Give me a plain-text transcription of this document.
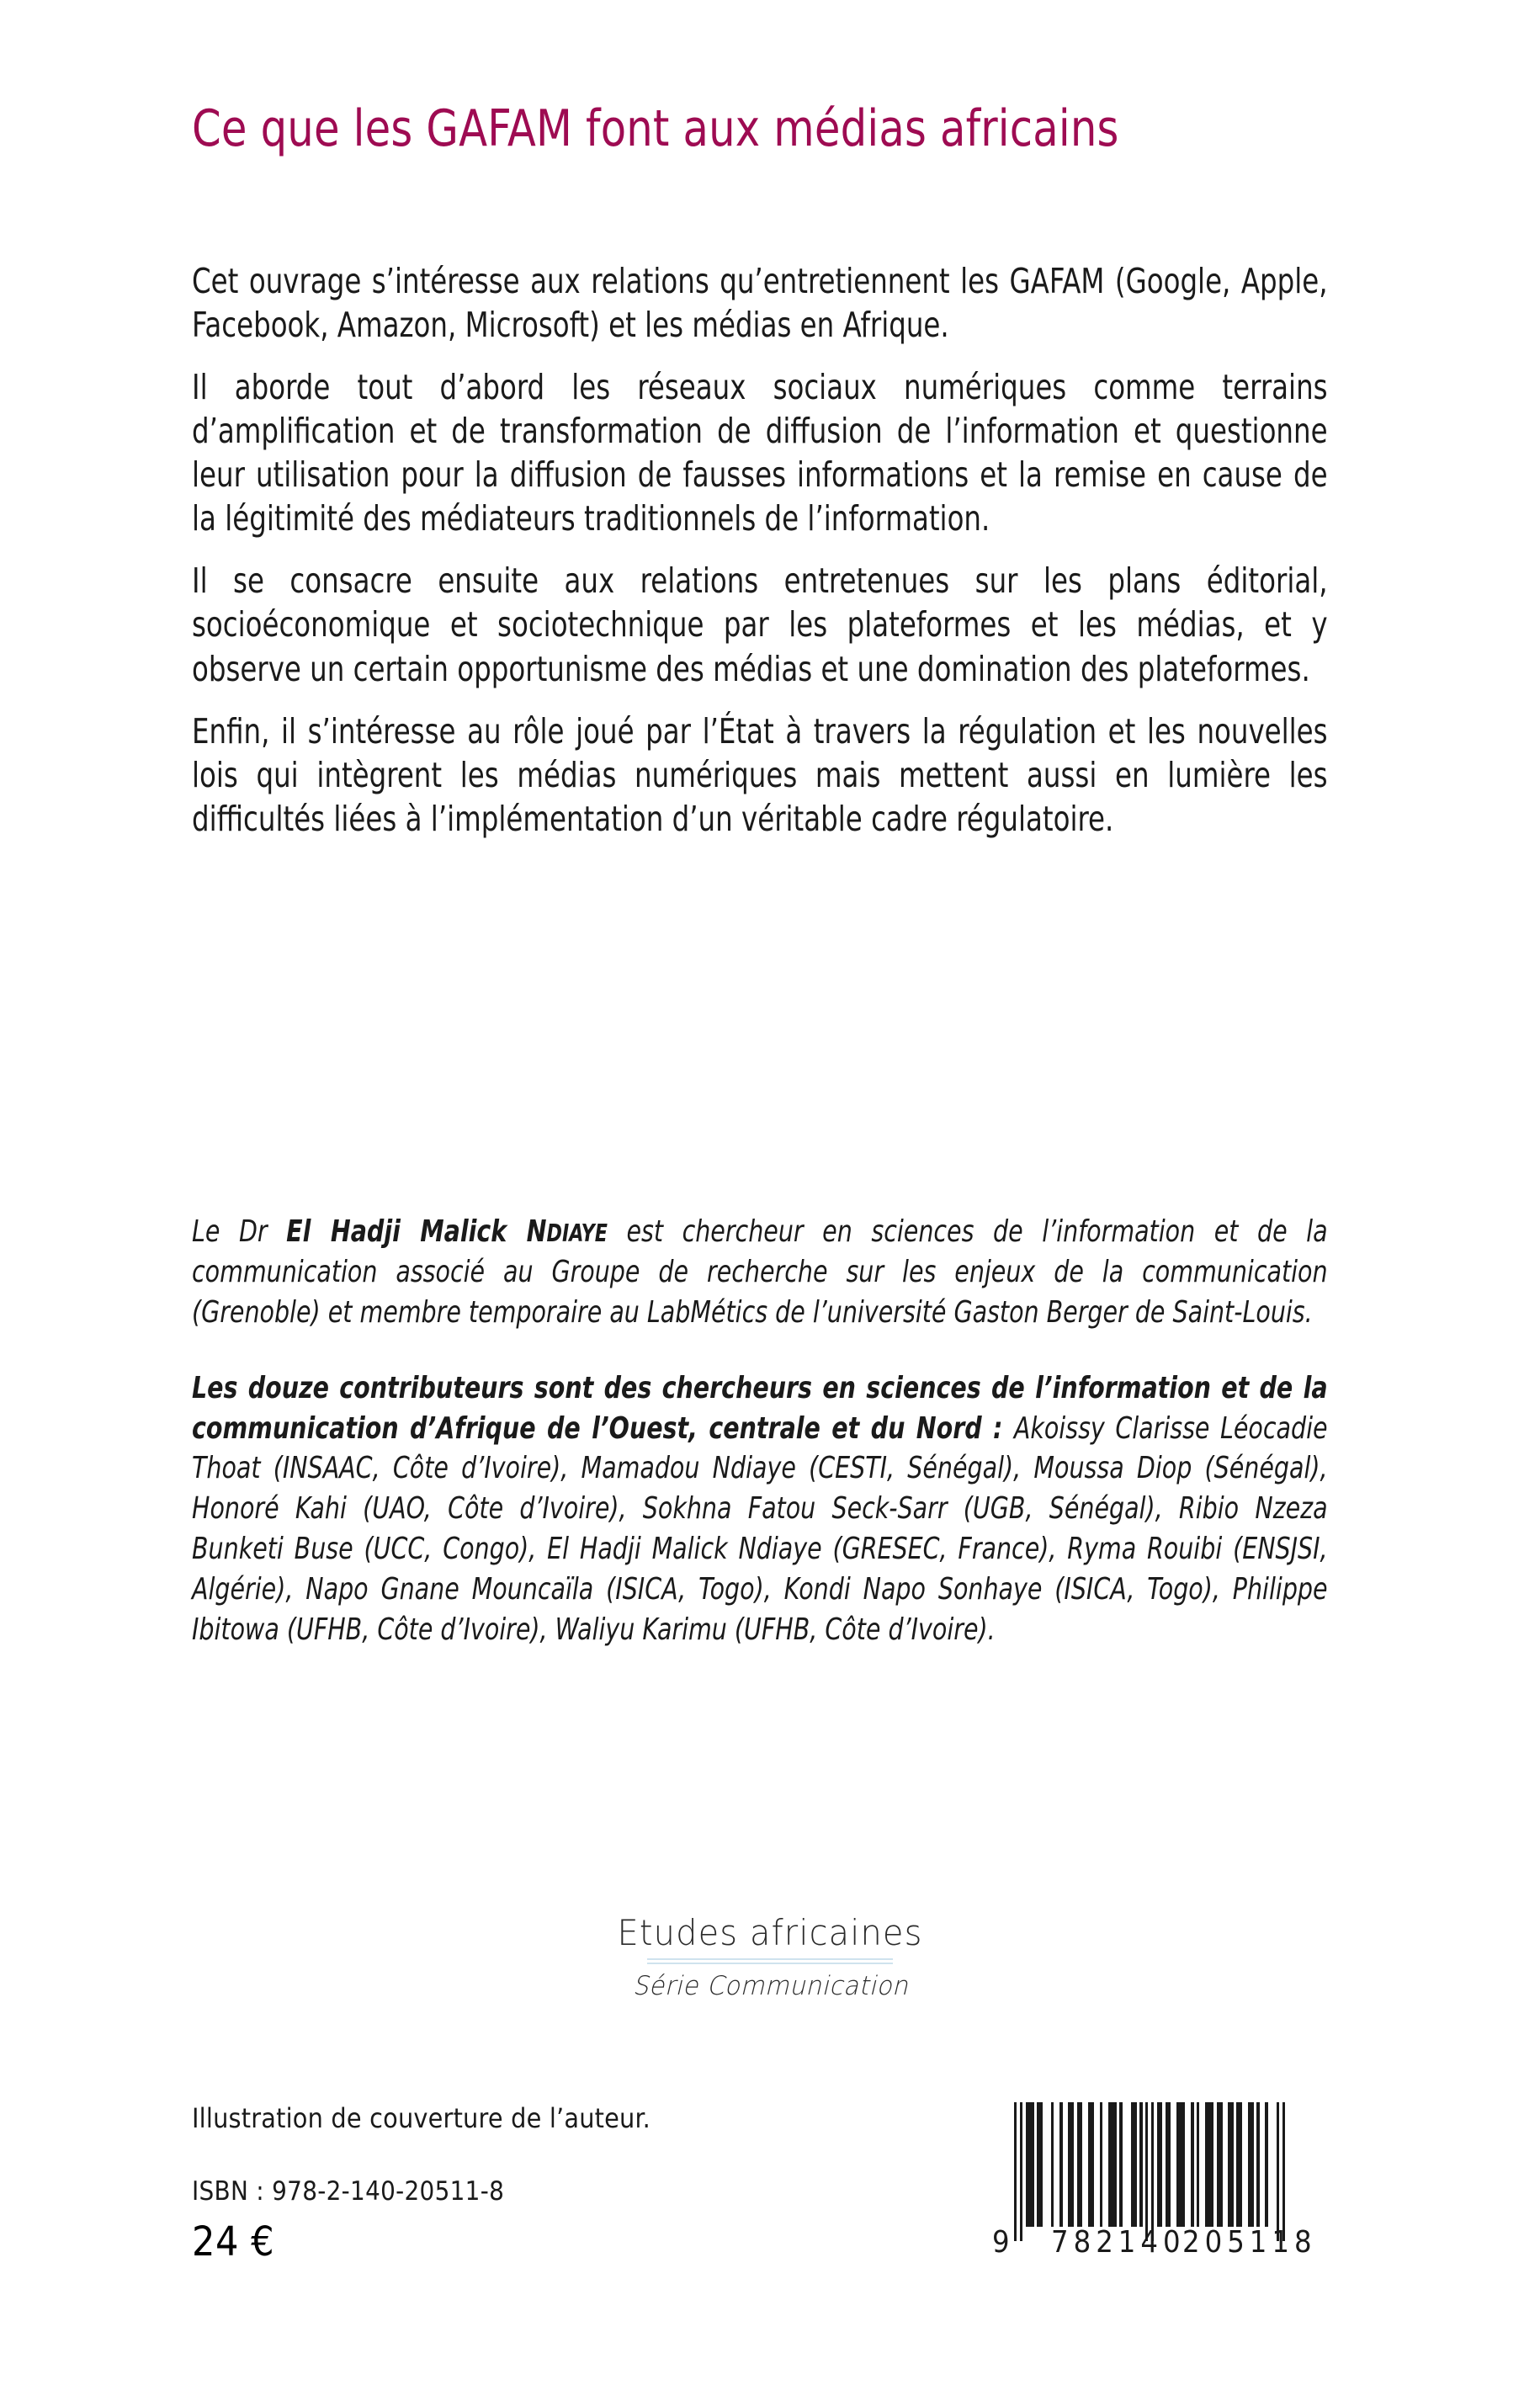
Ce que les GAFAM font aux médias africains

Cet ouvrage s’intéresse aux relations qu’entretiennent les GAFAM (Google, Apple, Facebook, Amazon, Microsoft) et les médias en Afrique.

Il aborde tout d’abord les réseaux sociaux numériques comme terrains d’amplification et de transformation de diffusion de l’information et questionne leur utilisation pour la diffusion de fausses informations et la remise en cause de la légitimité des médiateurs traditionnels de l’information.

Il se consacre ensuite aux relations entretenues sur les plans éditorial, socioéconomique et sociotechnique par les plateformes et les médias, et y observe un certain opportunisme des médias et une domination des plateformes.

Enfin, il s’intéresse au rôle joué par l’État à travers la régulation et les nouvelles lois qui intègrent les médias numériques mais mettent aussi en lumière les difficultés liées à l’implémentation d’un véritable cadre régulatoire.

Le Dr El Hadji Malick NDIAYE est chercheur en sciences de l’information et de la communication associé au Groupe de recherche sur les enjeux de la communication (Grenoble) et membre temporaire au LabMétics de l’université Gaston Berger de Saint-Louis.

Les douze contributeurs sont des chercheurs en sciences de l’information et de la communication d’Afrique de l’Ouest, centrale et du Nord : Akoissy Clarisse Léocadie Thoat (INSAAC, Côte d’Ivoire), Mamadou Ndiaye (CESTI, Sénégal), Moussa Diop (Sénégal), Honoré Kahi (UAO, Côte d’Ivoire), Sokhna Fatou Seck-Sarr (UGB, Sénégal), Ribio Nzeza Bunketi Buse (UCC, Congo), El Hadji Malick Ndiaye (GRESEC, France), Ryma Rouibi (ENSJSI, Algérie), Napo Gnane Mouncaïla (ISICA, Togo), Kondi Napo Sonhaye (ISICA, Togo), Philippe Ibitowa (UFHB, Côte d’Ivoire), Waliyu Karimu (UFHB, Côte d’Ivoire).

Etudes africaines
Série Communication
Illustration de couverture de l’auteur.
ISBN : 978-2-140-20511-8
24 €	9 782140
205118
